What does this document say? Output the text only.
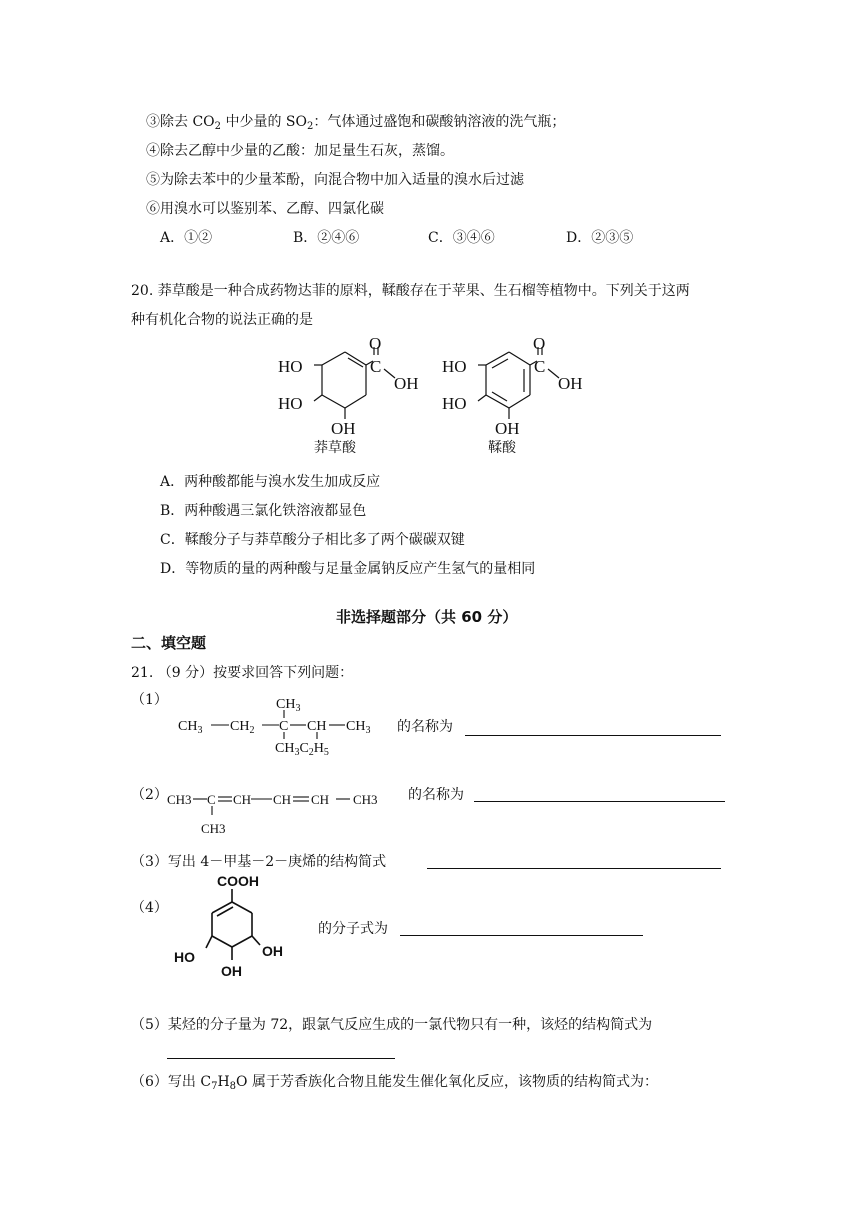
③除去 $CO_2$ 中少量的 $SO_2$：气体通过盛饱和碳酸钠溶液的洗气瓶；
④除去乙醇中少量的乙酸：加足量生石灰，蒸馏。
⑤为除去苯中的少量苯酚，向混合物中加入适量的溴水后过滤
⑥用溴水可以鉴别苯、乙醇、四氯化碳
A．①②	B．②④⑥	C．③④⑥	D．②③⑤
20. 莽草酸是一种合成药物达菲的原料，鞣酸存在于苹果、生石榴等植物中。下列关于这两
种有机化合物的说法正确的是
O
C
OH
HO
HO
OH
O
C
OH
HO
HO
OH
莽草酸	鞣酸
A．两种酸都能与溴水发生加成反应
B．两种酸遇三氯化铁溶液都显色
C．鞣酸分子与莽草酸分子相比多了两个碳碳双键
D．等物质的量的两种酸与足量金属钠反应产生氢气的量相同
非选择题部分（共 60 分）
二、填空题
21. （9 分）按要求回答下列问题：
（1）	$CH_3$
$CH_3$ $CH_2$ C CH $CH_3$
$CH_3C_2H_5$
的名称为
（2） CH3 C CH CH CH CH3
CH3
的名称为
（3）写出 4－甲基－2－庚烯的结构简式
（4）
COOH
HO	OH
OH
的分子式为
（5）某烃的分子量为 72，跟氯气反应生成的一氯代物只有一种，该烃的结构简式为
（6）写出 $C_7H_8O$ 属于芳香族化合物且能发生催化氧化反应，该物质的结构简式为：
